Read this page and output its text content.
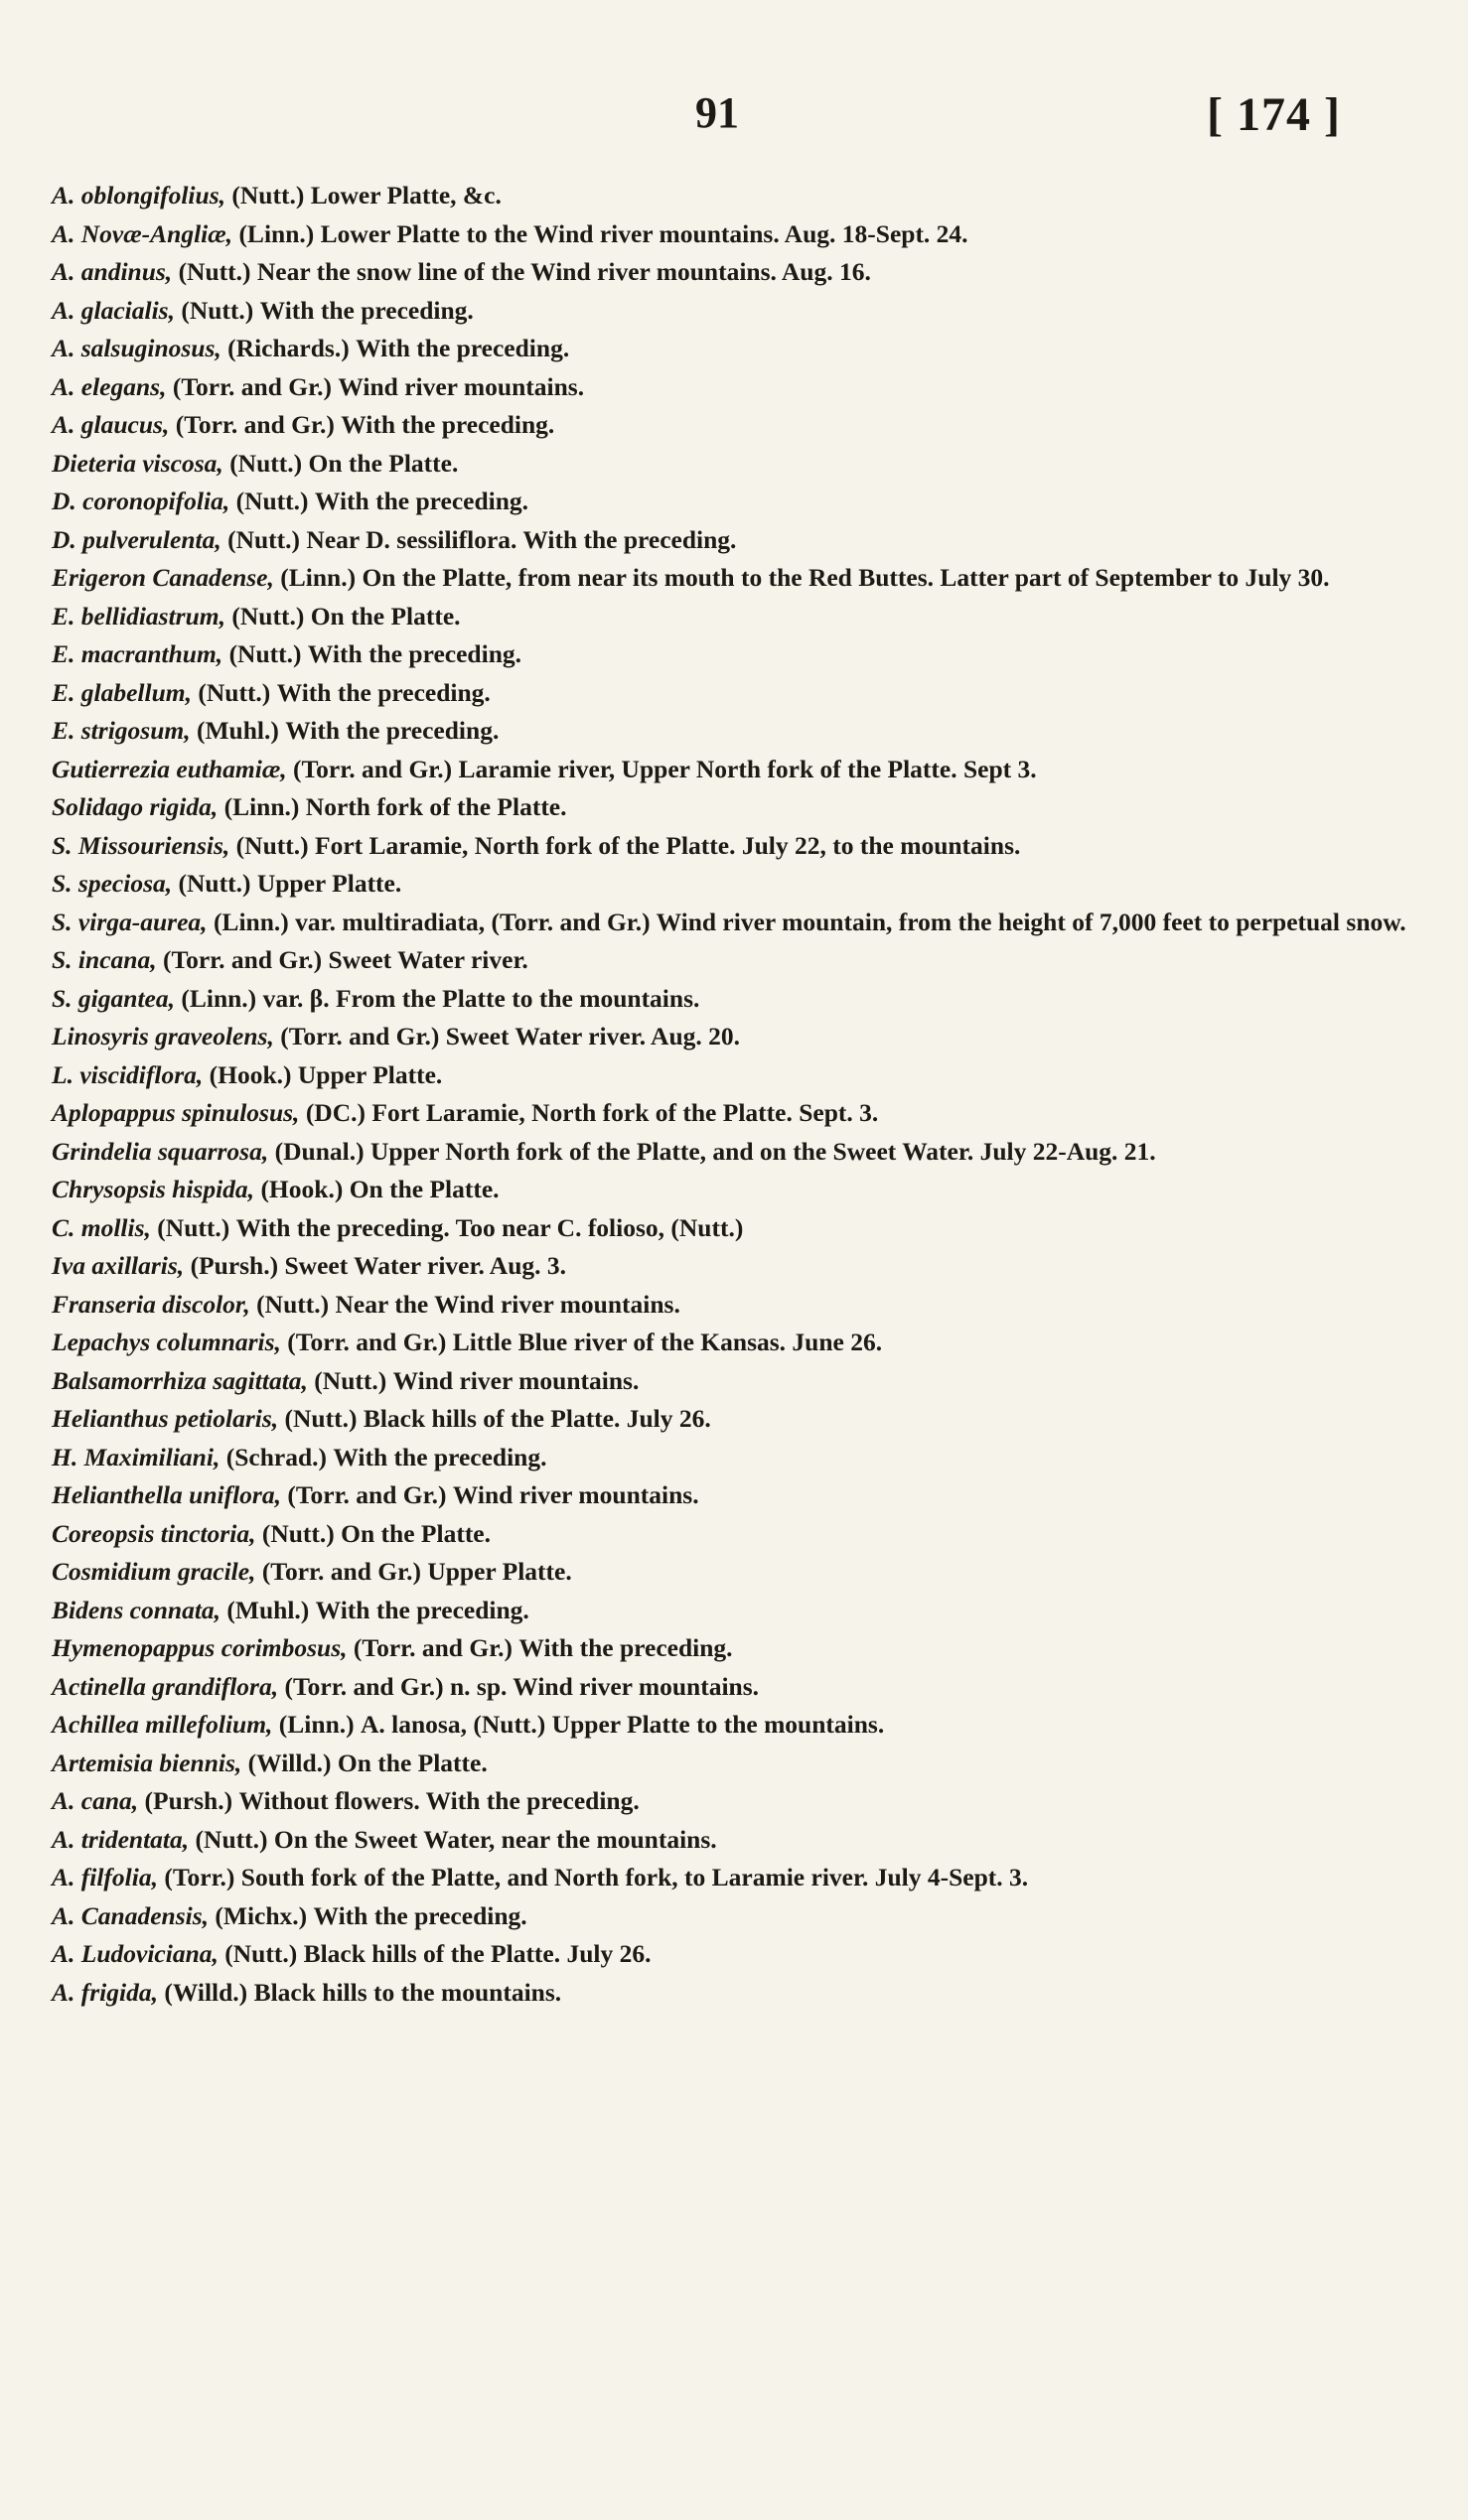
91	[ 174 ]

A. oblongifolius, (Nutt.) Lower Platte, &c.

A. Novæ-Angliæ, (Linn.) Lower Platte to the Wind river mountains. Aug. 18-Sept. 24.

A. andinus, (Nutt.) Near the snow line of the Wind river mountains. Aug. 16.

A. glacialis, (Nutt.) With the preceding.

A. salsuginosus, (Richards.) With the preceding.

A. elegans, (Torr. and Gr.) Wind river mountains.

A. glaucus, (Torr. and Gr.) With the preceding.

Dieteria viscosa, (Nutt.) On the Platte.

D. coronopifolia, (Nutt.) With the preceding.

D. pulverulenta, (Nutt.) Near D. sessiliflora. With the preceding.

Erigeron Canadense, (Linn.) On the Platte, from near its mouth to the Red Buttes. Latter part of September to July 30.

E. bellidiastrum, (Nutt.) On the Platte.

E. macranthum, (Nutt.) With the preceding.

E. glabellum, (Nutt.) With the preceding.

E. strigosum, (Muhl.) With the preceding.

Gutierrezia euthamiæ, (Torr. and Gr.) Laramie river, Upper North fork of the Platte. Sept 3.

Solidago rigida, (Linn.) North fork of the Platte.

S. Missouriensis, (Nutt.) Fort Laramie, North fork of the Platte. July 22, to the mountains.

S. speciosa, (Nutt.) Upper Platte.

S. virga-aurea, (Linn.) var. multiradiata, (Torr. and Gr.) Wind river mountain, from the height of 7,000 feet to perpetual snow.

S. incana, (Torr. and Gr.) Sweet Water river.

S. gigantea, (Linn.) var. β. From the Platte to the mountains.

Linosyris graveolens, (Torr. and Gr.) Sweet Water river. Aug. 20.

L. viscidiflora, (Hook.) Upper Platte.

Aplopappus spinulosus, (DC.) Fort Laramie, North fork of the Platte. Sept. 3.

Grindelia squarrosa, (Dunal.) Upper North fork of the Platte, and on the Sweet Water. July 22-Aug. 21.

Chrysopsis hispida, (Hook.) On the Platte.

C. mollis, (Nutt.) With the preceding. Too near C. folioso, (Nutt.)

Iva axillaris, (Pursh.) Sweet Water river. Aug. 3.

Franseria discolor, (Nutt.) Near the Wind river mountains.

Lepachys columnaris, (Torr. and Gr.) Little Blue river of the Kansas. June 26.

Balsamorrhiza sagittata, (Nutt.) Wind river mountains.

Helianthus petiolaris, (Nutt.) Black hills of the Platte. July 26.

H. Maximiliani, (Schrad.) With the preceding.

Helianthella uniflora, (Torr. and Gr.) Wind river mountains.

Coreopsis tinctoria, (Nutt.) On the Platte.

Cosmidium gracile, (Torr. and Gr.) Upper Platte.

Bidens connata, (Muhl.) With the preceding.

Hymenopappus corimbosus, (Torr. and Gr.) With the preceding.

Actinella grandiflora, (Torr. and Gr.) n. sp. Wind river mountains.

Achillea millefolium, (Linn.) A. lanosa, (Nutt.) Upper Platte to the mountains.

Artemisia biennis, (Willd.) On the Platte.

A. cana, (Pursh.) Without flowers. With the preceding.

A. tridentata, (Nutt.) On the Sweet Water, near the mountains.

A. filfolia, (Torr.) South fork of the Platte, and North fork, to Laramie river. July 4-Sept. 3.

A. Canadensis, (Michx.) With the preceding.

A. Ludoviciana, (Nutt.) Black hills of the Platte. July 26.

A. frigida, (Willd.) Black hills to the mountains.
